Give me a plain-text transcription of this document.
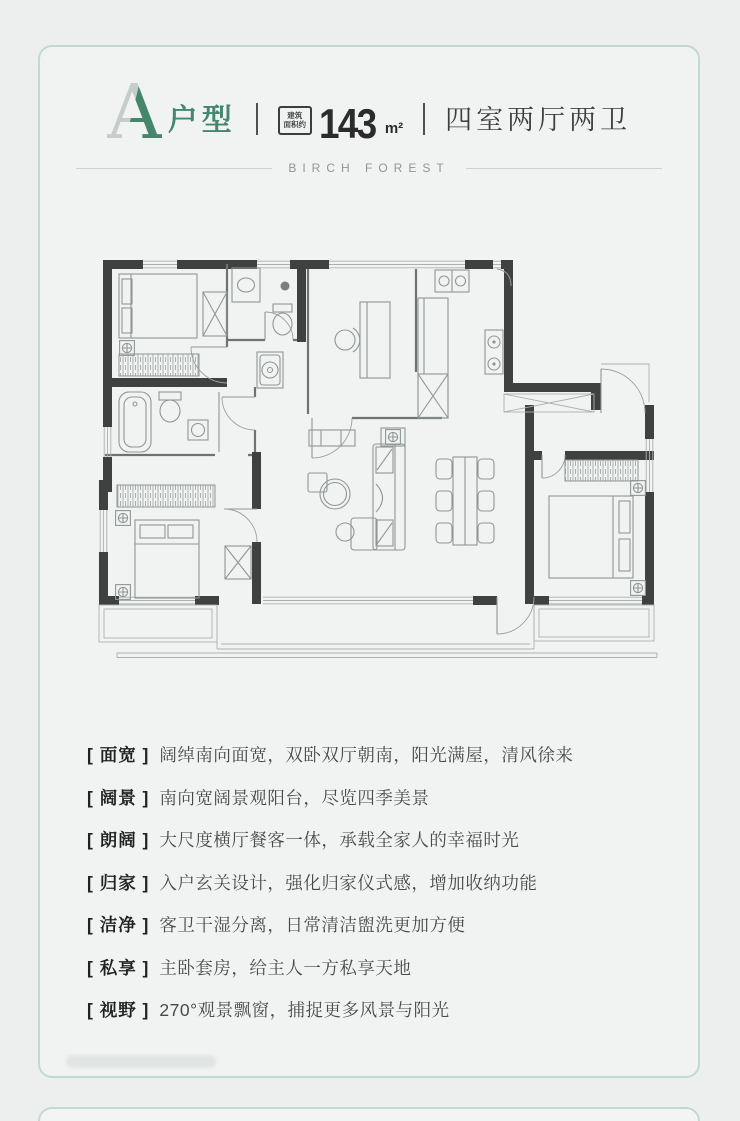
A 户型	建筑
面积约 143 m² 四室两厅两卫
BIRCH FOREST
[ 面宽 ] 阔绰南向面宽，双卧双厅朝南，阳光满屋，清风徐来
[ 阔景 ] 南向宽阔景观阳台，尽览四季美景
[ 朗阔 ] 大尺度横厅餐客一体，承载全家人的幸福时光
[ 归家 ] 入户玄关设计，强化归家仪式感，增加收纳功能
[ 洁净 ] 客卫干湿分离，日常清洁盥洗更加方便
[ 私享 ] 主卧套房，给主人一方私享天地
[ 视野 ] 270°观景飘窗，捕捉更多风景与阳光
